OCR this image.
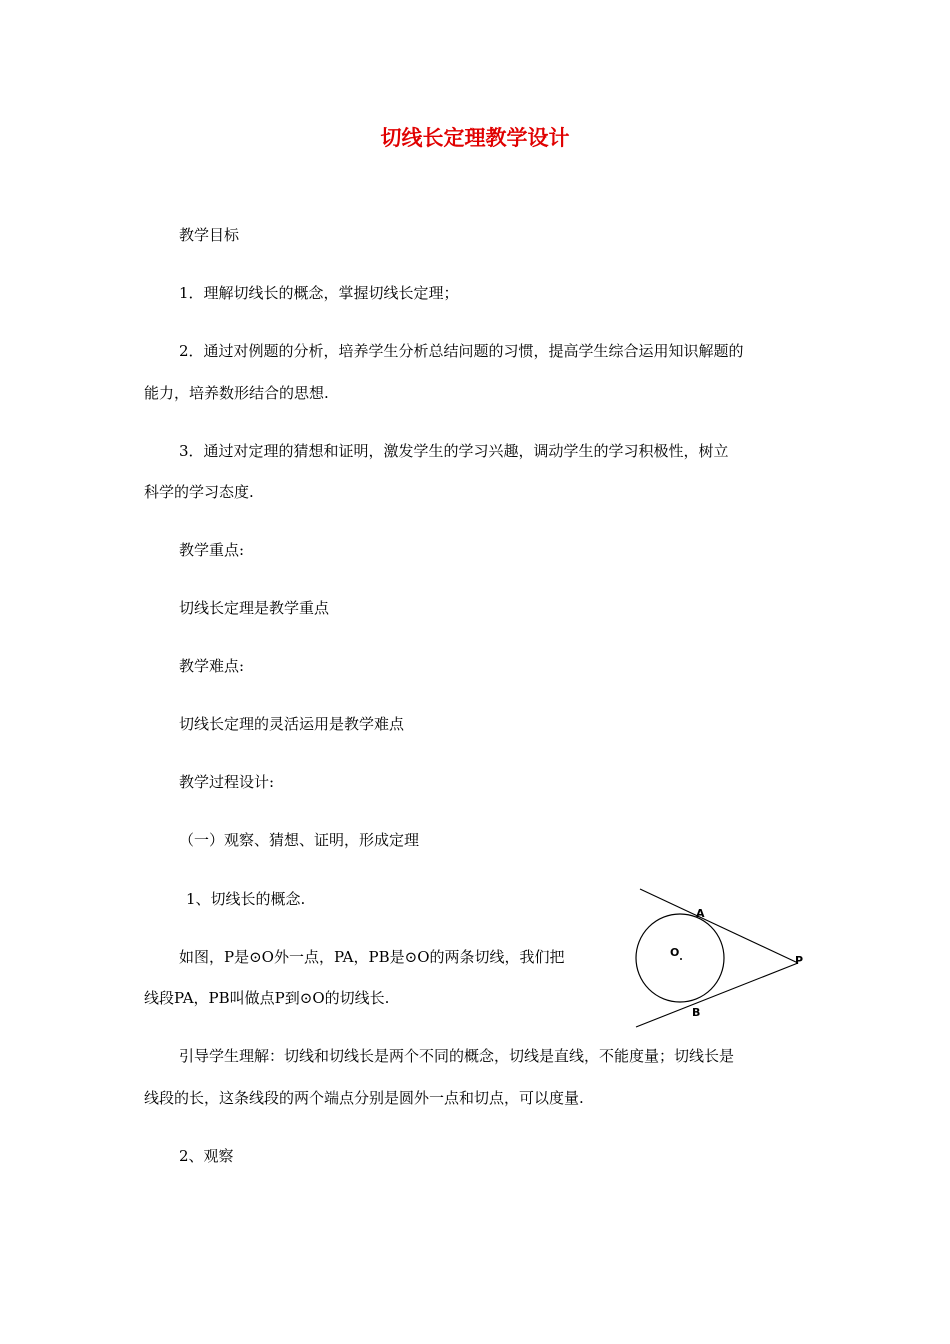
切线长定理教学设计
教学目标
1．理解切线长的概念，掌握切线长定理；
2．通过对例题的分析，培养学生分析总结问题的习惯，提高学生综合运用知识解题的
能力，培养数形结合的思想.
3．通过对定理的猜想和证明，激发学生的学习兴趣，调动学生的学习积极性，树立
科学的学习态度.
教学重点:
切线长定理是教学重点
教学难点:
切线长定理的灵活运用是教学难点
教学过程设计:
（一）观察、猜想、证明，形成定理
1、切线长的概念.
如图，P是⊙O外一点，PA，PB是⊙O的两条切线，我们把
线段PA，PB叫做点P到⊙O的切线长.
引导学生理解：切线和切线长是两个不同的概念，切线是直线，不能度量；切线长是
线段的长，这条线段的两个端点分别是圆外一点和切点，可以度量.
2、观察
A
B
O
P
